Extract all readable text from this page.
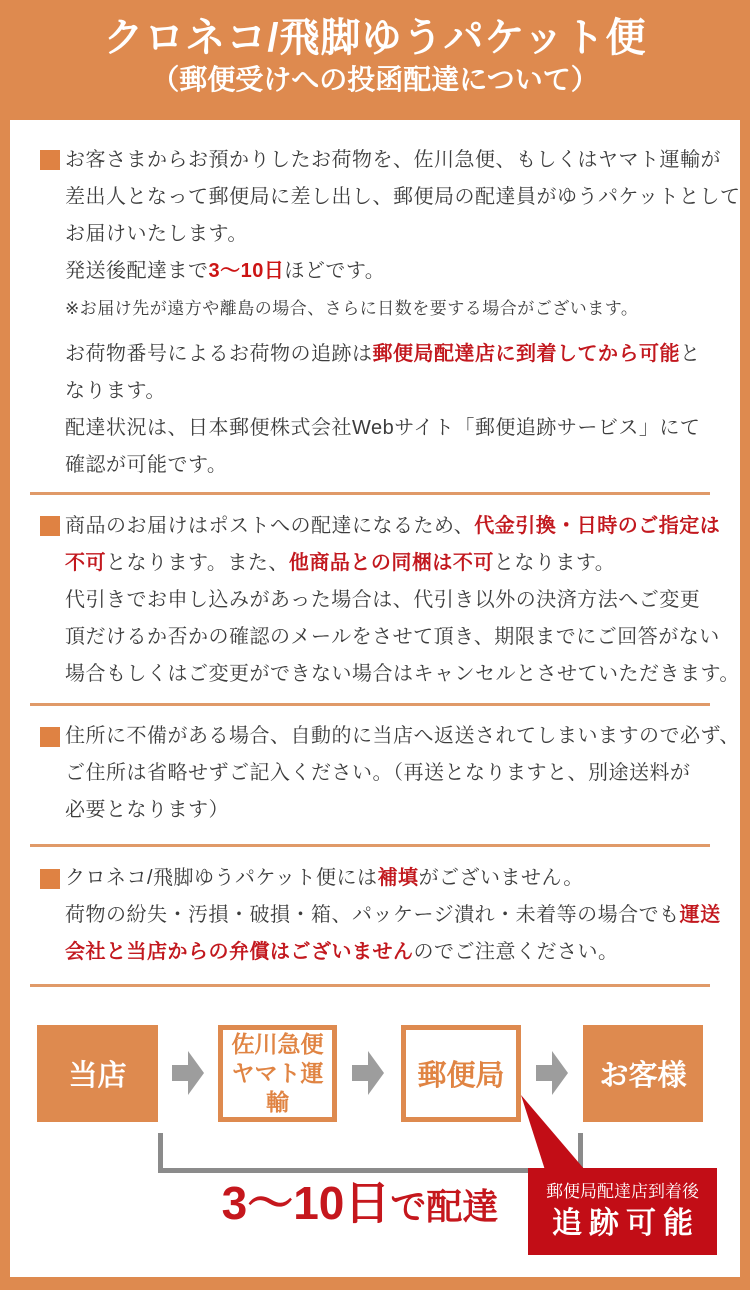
クロネコ/飛脚ゆうパケット便
（郵便受けへの投函配達について）
お客さまからお預かりしたお荷物を、佐川急便、もしくはヤマト運輸が
差出人となって郵便局に差し出し、郵便局の配達員がゆうパケットとして
お届けいたします。
発送後配達まで3〜10日ほどです。
※お届け先が遠方や離島の場合、さらに日数を要する場合がございます。
お荷物番号によるお荷物の追跡は郵便局配達店に到着してから可能と
なります。
配達状況は、日本郵便株式会社Webサイト「郵便追跡サービス」にて
確認が可能です。
商品のお届けはポストへの配達になるため、代金引換・日時のご指定は
不可となります。また、他商品との同梱は不可となります。
代引きでお申し込みがあった場合は、代引き以外の決済方法へご変更
頂だけるか否かの確認のメールをさせて頂き、期限までにご回答がない
場合もしくはご変更ができない場合はキャンセルとさせていただきます。
住所に不備がある場合、自動的に当店へ返送されてしまいますので必ず、
ご住所は省略せずご記入ください。（再送となりますと、別途送料が
必要となります）
クロネコ/飛脚ゆうパケット便には補填がございません。
荷物の紛失・汚損・破損・箱、パッケージ潰れ・未着等の場合でも運送
会社と当店からの弁償はございませんのでご注意ください。
当店
佐川急便
ヤマト運輸
郵便局	お客様
3〜10日で配達	郵便局配達店到着後
追跡可能
